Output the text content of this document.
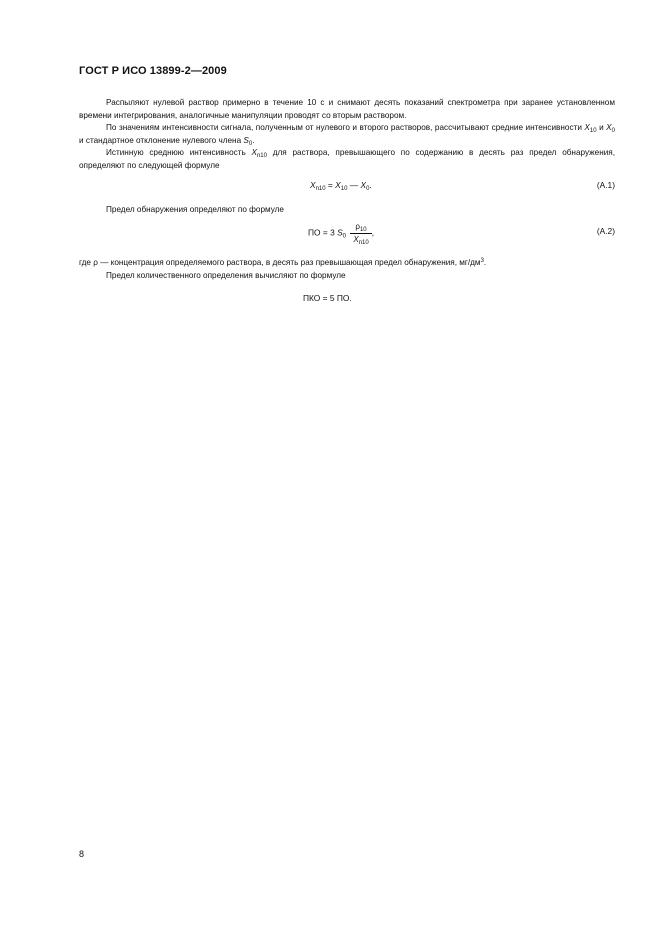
ГОСТ Р ИСО 13899-2—2009
Распыляют нулевой раствор примерно в течение 10 с и снимают десять показаний спектрометра при заранее установленном времени интегрирования, аналогичные манипуляции проводят со вторым раствором.
По значениям интенсивности сигнала, полученным от нулевого и второго растворов, рассчитывают средние интенсивности $X_{10}$ и $X_0$ и стандартное отклонение нулевого члена $S_0$.
Истинную среднюю интенсивность $X_{n10}$ для раствора, превышающего по содержанию в десять раз предел обнаружения, определяют по следующей формуле
$X_{n10} = X_{10}$ — $X_0$.	(А.1)
Предел обнаружения определяют по формуле
ПО = 3 $S_0 \frac{\rho_{10}}{X_{n10}}$ ,	(А.2)
где ρ — концентрация определяемого раствора, в десять раз превышающая предел обнаружения, $мг/дм^3$.
Предел количественного определения вычисляют по формуле
ПКО = 5 ПО.
8
